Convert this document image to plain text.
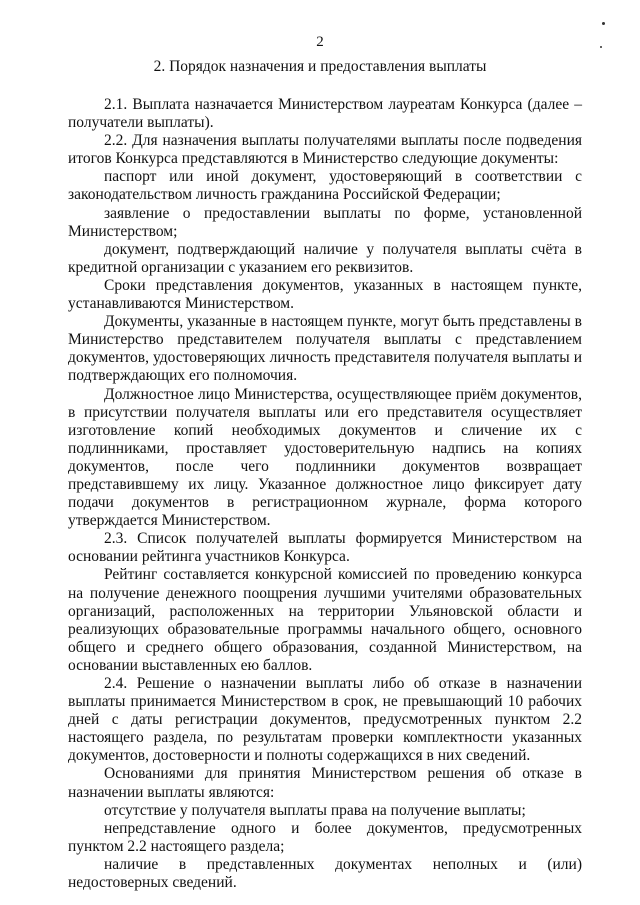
2
2. Порядок назначения и предоставления выплаты

2.1. Выплата назначается Министерством лауреатам Конкурса (далее – получатели выплаты).

2.2. Для назначения выплаты получателями выплаты после подведения итогов Конкурса представляются в Министерство следующие документы:

паспорт или иной документ, удостоверяющий в соответствии с законодательством личность гражданина Российской Федерации;

заявление о предоставлении выплаты по форме, установленной Министерством;

документ, подтверждающий наличие у получателя выплаты счёта в кредитной организации с указанием его реквизитов.

Сроки представления документов, указанных в настоящем пункте, устанавливаются Министерством.

Документы, указанные в настоящем пункте, могут быть представлены в Министерство представителем получателя выплаты с представлением документов, удостоверяющих личность представителя получателя выплаты и подтверждающих его полномочия.

Должностное лицо Министерства, осуществляющее приём документов, в присутствии получателя выплаты или его представителя осуществляет изготовление копий необходимых документов и сличение их с подлинниками, проставляет удостоверительную надпись на копиях документов, после чего подлинники документов возвращает представившему их лицу. Указанное должностное лицо фиксирует дату подачи документов в регистрационном журнале, форма которого утверждается Министерством.

2.3. Список получателей выплаты формируется Министерством на основании рейтинга участников Конкурса.

Рейтинг составляется конкурсной комиссией по проведению конкурса на получение денежного поощрения лучшими учителями образовательных организаций, расположенных на территории Ульяновской области и реализующих образовательные программы начального общего, основного общего и среднего общего образования, созданной Министерством, на основании выставленных ею баллов.

2.4. Решение о назначении выплаты либо об отказе в назначении выплаты принимается Министерством в срок, не превышающий 10 рабочих дней с даты регистрации документов, предусмотренных пунктом 2.2 настоящего раздела, по результатам проверки комплектности указанных документов, достоверности и полноты содержащихся в них сведений.

Основаниями для принятия Министерством решения об отказе в назначении выплаты являются:

отсутствие у получателя выплаты права на получение выплаты;

непредставление одного и более документов, предусмотренных пунктом 2.2 настоящего раздела;

наличие в представленных документах неполных и (или) недостоверных сведений.
